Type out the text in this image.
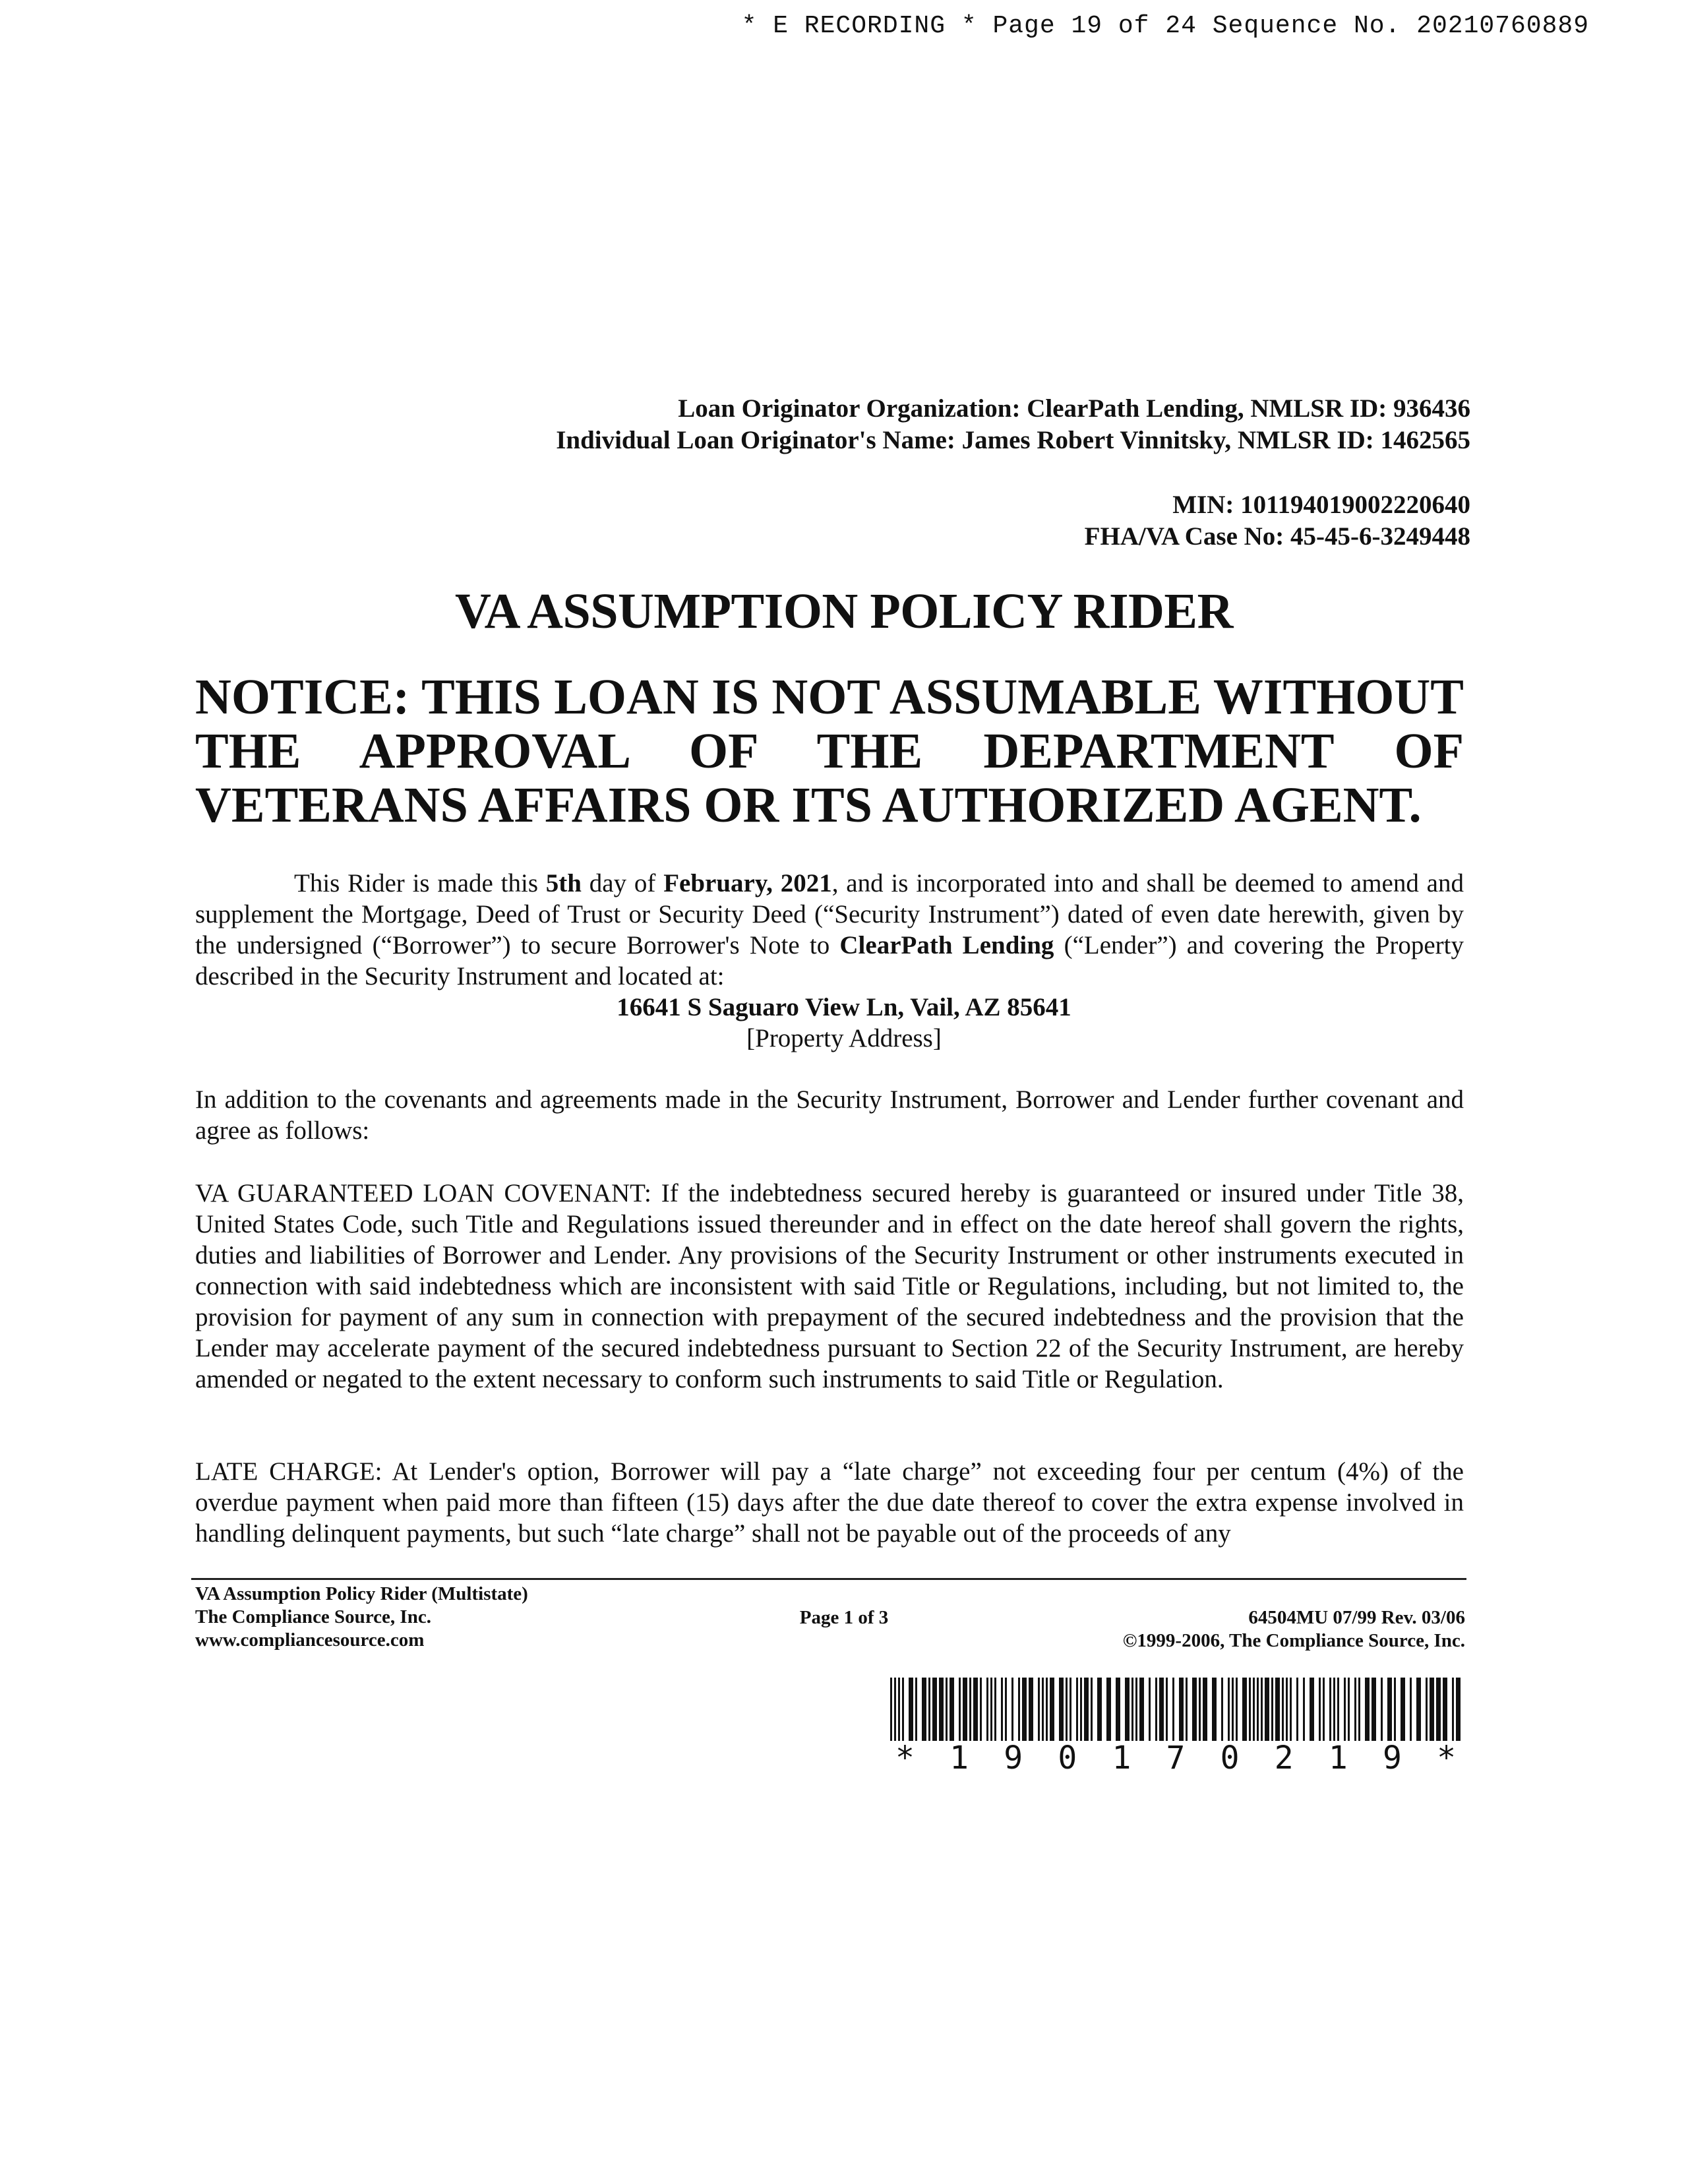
* E RECORDING * Page 19 of 24 Sequence No. 20210760889
Loan Originator Organization: ClearPath Lending, NMLSR ID: 936436
Individual Loan Originator's Name: James Robert Vinnitsky, NMLSR ID: 1462565
MIN: 101194019002220640
FHA/VA Case No: 45-45-6-3249448
VA ASSUMPTION POLICY RIDER
NOTICE: THIS LOAN IS NOT ASSUMABLE WITHOUT THE APPROVAL OF THE DEPARTMENT OF VETERANS AFFAIRS OR ITS AUTHORIZED AGENT.
This Rider is made this 5th day of February, 2021, and is incorporated into and shall be deemed to amend and supplement the Mortgage, Deed of Trust or Security Deed (“Security Instrument”) dated of even date herewith, given by the undersigned (“Borrower”) to secure Borrower's Note to ClearPath Lending (“Lender”) and covering the Property described in the Security Instrument and located at:
16641 S Saguaro View Ln, Vail, AZ 85641
[Property Address]
In addition to the covenants and agreements made in the Security Instrument, Borrower and Lender further covenant and agree as follows:
VA GUARANTEED LOAN COVENANT: If the indebtedness secured hereby is guaranteed or insured under Title 38, United States Code, such Title and Regulations issued thereunder and in effect on the date hereof shall govern the rights, duties and liabilities of Borrower and Lender. Any provisions of the Security Instrument or other instruments executed in connection with said indebtedness which are inconsistent with said Title or Regulations, including, but not limited to, the provision for payment of any sum in connection with prepayment of the secured indebtedness and the provision that the Lender may accelerate payment of the secured indebtedness pursuant to Section 22 of the Security Instrument, are hereby amended or negated to the extent necessary to conform such instruments to said Title or Regulation.
LATE CHARGE: At Lender's option, Borrower will pay a “late charge” not exceeding four per centum (4%) of the overdue payment when paid more than fifteen (15) days after the due date thereof to cover the extra expense involved in handling delinquent payments, but such “late charge” shall not be payable out of the proceeds of any
VA Assumption Policy Rider (Multistate)
The Compliance Source, Inc.
www.compliancesource.com
Page 1 of 3	64504MU 07/99 Rev. 03/06
©1999-2006, The Compliance Source, Inc.
* 1 9 0 1 7 0 2 1 9 *
